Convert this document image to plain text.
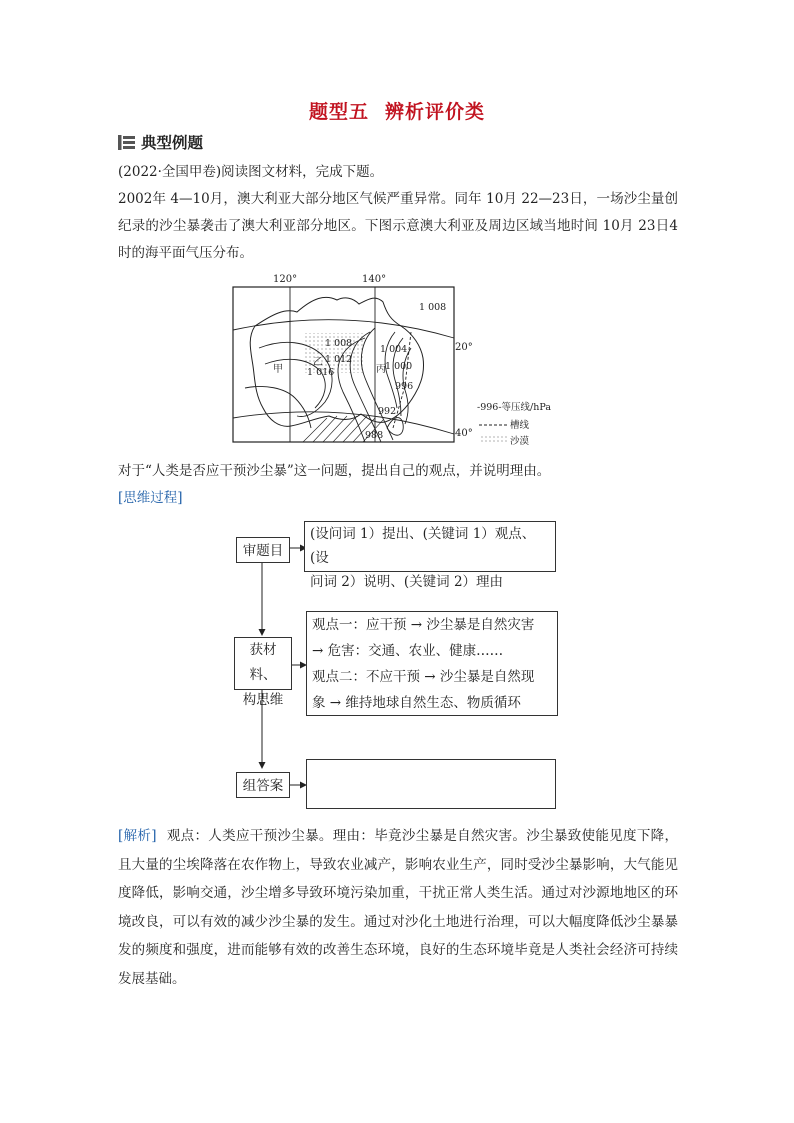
题型五 辨析评价类
典型例题
(2022·全国甲卷)阅读图文材料，完成下题。
2002年 4—10月，澳大利亚大部分地区气候严重异常。同年 10月 22—23日，一场沙尘量创纪录的沙尘暴袭击了澳大利亚部分地区。下图示意澳大利亚及周边区域当地时间 10月 23日4时的海平面气压分布。
120°	140°
20°
40°
1 008
1 008
1 004
1 012
1 000
1 016
996
992
988
甲
乙
丙
-996-等压线/hPa
槽线
沙漠
对于“人类是否应干预沙尘暴”这一问题，提出自己的观点，并说明理由。
[思维过程]
审题目
(设问词 1）提出、(关键词 1）观点、(设
问词 2）说明、(关键词 2）理由
获材料、
构思维
观点一：应干预 → 沙尘暴是自然灾害
→ 危害：交通、农业、健康……
观点二：不应干预 → 沙尘暴是自然现
象 → 维持地球自然生态、物质循环
组答案
[解析] 观点：人类应干预沙尘暴。理由：毕竟沙尘暴是自然灾害。沙尘暴致使能见度下降，且大量的尘埃降落在农作物上，导致农业减产，影响农业生产，同时受沙尘暴影响，大气能见度降低，影响交通，沙尘增多导致环境污染加重，干扰正常人类生活。通过对沙源地地区的环境改良，可以有效的减少沙尘暴的发生。通过对沙化土地进行治理，可以大幅度降低沙尘暴暴发的频度和强度，进而能够有效的改善生态环境，良好的生态环境毕竟是人类社会经济可持续发展基础。
